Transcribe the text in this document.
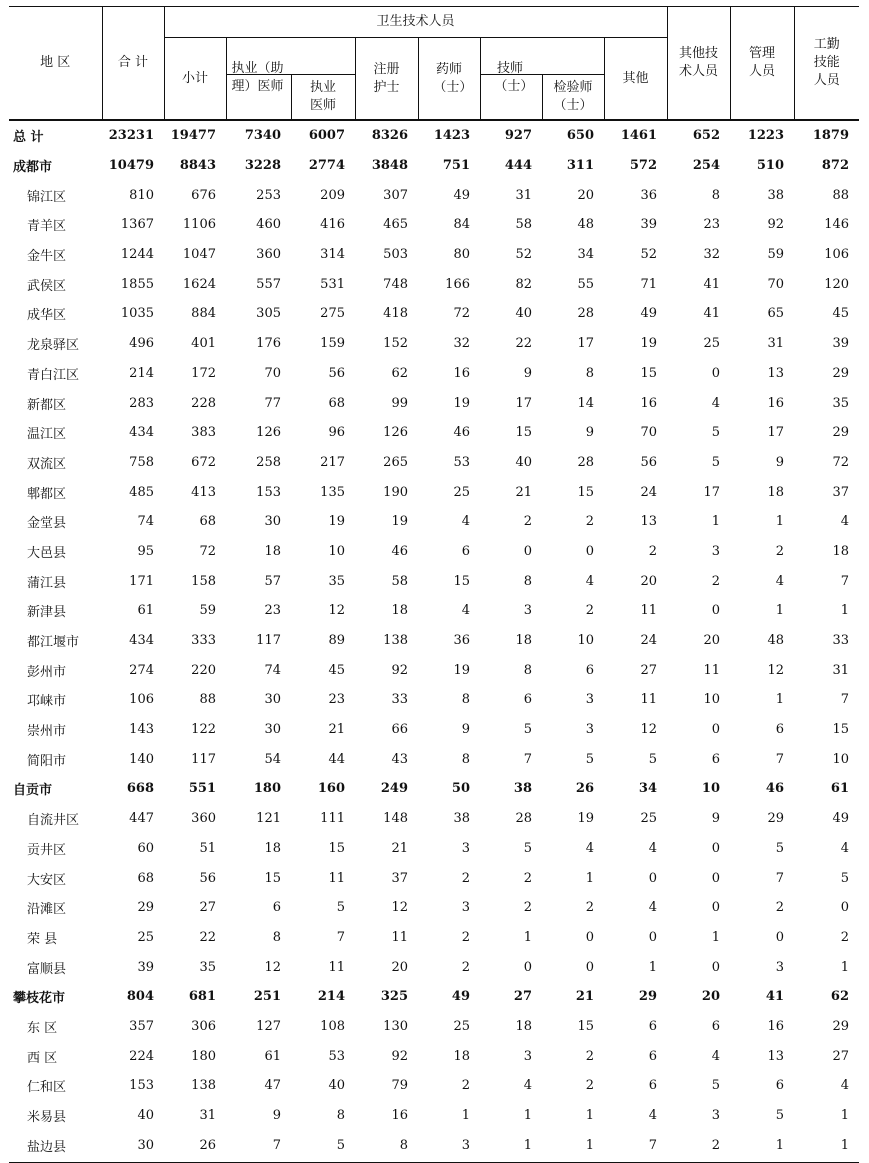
地 区	合 计	卫生技术人员								其他技术人员	管理人员	工勤技能人员
		小计	执业（助理）医师		注册护士	药师（士）	技师（士）		其他			
				执业医师				检验师（士）				
总 计	23231	19477	7340	6007	8326	1423	927	650	1461	652	1223	1879
成都市	10479	8843	3228	2774	3848	751	444	311	572	254	510	872
锦江区	810	676	253	209	307	49	31	20	36	8	38	88
青羊区	1367	1106	460	416	465	84	58	48	39	23	92	146
金牛区	1244	1047	360	314	503	80	52	34	52	32	59	106
武侯区	1855	1624	557	531	748	166	82	55	71	41	70	120
成华区	1035	884	305	275	418	72	40	28	49	41	65	45
龙泉驿区	496	401	176	159	152	32	22	17	19	25	31	39
青白江区	214	172	70	56	62	16	9	8	15	0	13	29
新都区	283	228	77	68	99	19	17	14	16	4	16	35
温江区	434	383	126	96	126	46	15	9	70	5	17	29
双流区	758	672	258	217	265	53	40	28	56	5	9	72
郫都区	485	413	153	135	190	25	21	15	24	17	18	37
金堂县	74	68	30	19	19	4	2	2	13	1	1	4
大邑县	95	72	18	10	46	6	0	0	2	3	2	18
蒲江县	171	158	57	35	58	15	8	4	20	2	4	7
新津县	61	59	23	12	18	4	3	2	11	0	1	1
都江堰市	434	333	117	89	138	36	18	10	24	20	48	33
彭州市	274	220	74	45	92	19	8	6	27	11	12	31
邛崃市	106	88	30	23	33	8	6	3	11	10	1	7
崇州市	143	122	30	21	66	9	5	3	12	0	6	15
简阳市	140	117	54	44	43	8	7	5	5	6	7	10
自贡市	668	551	180	160	249	50	38	26	34	10	46	61
自流井区	447	360	121	111	148	38	28	19	25	9	29	49
贡井区	60	51	18	15	21	3	5	4	4	0	5	4
大安区	68	56	15	11	37	2	2	1	0	0	7	5
沿滩区	29	27	6	5	12	3	2	2	4	0	2	0
荣 县	25	22	8	7	11	2	1	0	0	1	0	2
富顺县	39	35	12	11	20	2	0	0	1	0	3	1
攀枝花市	804	681	251	214	325	49	27	21	29	20	41	62
东 区	357	306	127	108	130	25	18	15	6	6	16	29
西 区	224	180	61	53	92	18	3	2	6	4	13	27
仁和区	153	138	47	40	79	2	4	2	6	5	6	4
米易县	40	31	9	8	16	1	1	1	4	3	5	1
盐边县	30	26	7	5	8	3	1	1	7	2	1	1
